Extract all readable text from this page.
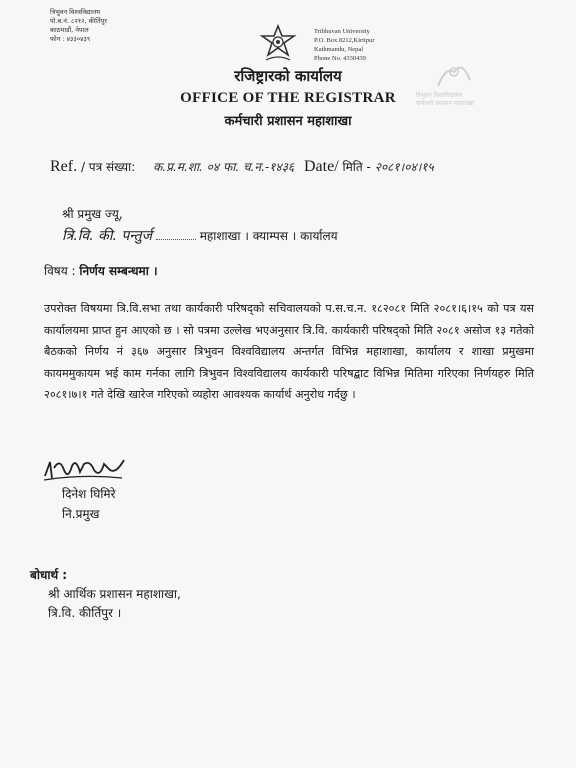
त्रिभुवन विश्वविद्यालय
पो.ब.नं. ८२१२, कीर्तिपुर
काठमाडौं, नेपाल
फोन : ४३३०४३९
Tribhuvan University
P.O. Box 8212,Kirtipur
Kathmandu, Nepal
Phone No. 4330439
त्रिभुवन विश्वविद्यालय
कर्मचारी प्रशासन महाशाखा
रजिष्ट्रारको कार्यालय
OFFICE OF THE REGISTRAR
कर्मचारी प्रशासन महाशाखा
Ref. / पत्र संख्या: क.प्र.म.शा. ०४ फा. च.न.-१४३६ Date/ मिति - २०८१।०४।१५
श्री प्रमुख ज्यू,
त्रि.वि. की. पन्तुर्ज	महाशाखा । क्याम्पस । कार्यालय
विषय : निर्णय सम्बन्धमा ।
उपरोक्त विषयमा त्रि.वि.सभा तथा कार्यकारी परिषद्को सचिवालयको प.स.च.न. १८२०८१ मिति २०८१।६।१५ को पत्र यस कार्यालयमा प्राप्त हुन आएको छ । सो पत्रमा उल्लेख भएअनुसार त्रि.वि. कार्यकारी परिषद्को मिति २०८१ असोज १३ गतेको बैठकको निर्णय नं ३६७ अनुसार त्रिभुवन विश्वविद्यालय अन्तर्गत विभिन्न महाशाखा, कार्यालय र शाखा प्रमुखमा कायममुकायम भई काम गर्नका लागि त्रिभुवन विश्वविद्यालय कार्यकारी परिषद्बाट विभिन्न मितिमा गरिएका निर्णयहरु मिति २०८१।७।१ गते देखि खारेज गरिएको व्यहोरा आवश्यक कार्यार्थ अनुरोध गर्दछु ।
दिनेश घिमिरे
नि.प्रमुख
बोधार्थ :
श्री आर्थिक प्रशासन महाशाखा,
त्रि.वि. कीर्तिपुर ।
